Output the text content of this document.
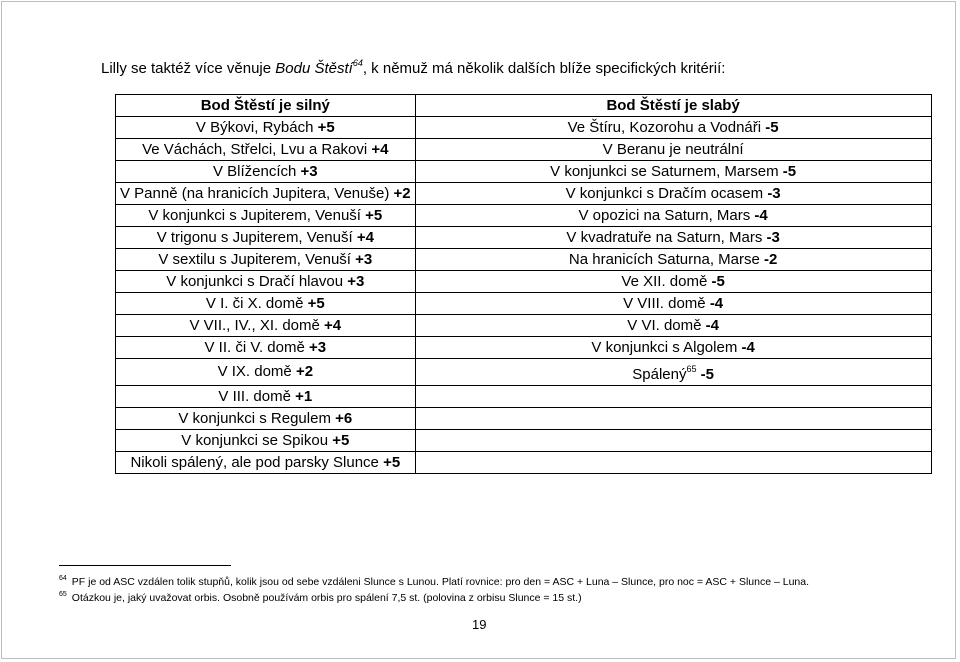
Lilly se taktéž více věnuje Bodu Štěstí$^{64}$, k němuž má několik dalších blíže specifických kritérií:
Bod Štěstí je silný	Bod Štěstí je slabý
V Býkovi, Rybách +5	Ve Štíru, Kozorohu a Vodnáři -5
Ve Váchách, Střelci, Lvu a Rakovi +4	V Beranu je neutrální
V Blížencích +3	V konjunkci se Saturnem, Marsem -5
V Panně (na hranicích Jupitera, Venuše) +2	V konjunkci s Dračím ocasem -3
V konjunkci s Jupiterem, Venuší +5	V opozici na Saturn, Mars -4
V trigonu s Jupiterem, Venuší +4	V kvadratuře na Saturn, Mars -3
V sextilu s Jupiterem, Venuší +3	Na hranicích Saturna, Marse -2
V konjunkci s Dračí hlavou +3	Ve XII. domě -5
V I. či X. domě +5	V VIII. domě -4
V VII., IV., XI. domě +4	V VI. domě -4
V II. či V. domě +3	V konjunkci s Algolem -4
V IX. domě +2	Spálený$^{65}$ -5
V III. domě +1	
V konjunkci s Regulem +6	
V konjunkci se Spikou +5	
Nikoli spálený, ale pod parsky Slunce +5	
$^{64}$ PF je od ASC vzdálen tolik stupňů, kolik jsou od sebe vzdáleni Slunce s Lunou. Platí rovnice: pro den = ASC + Luna – Slunce, pro noc = ASC + Slunce – Luna.
$^{65}$ Otázkou je, jaký uvažovat orbis. Osobně používám orbis pro spálení 7,5 st. (polovina z orbisu Slunce = 15 st.)
19
